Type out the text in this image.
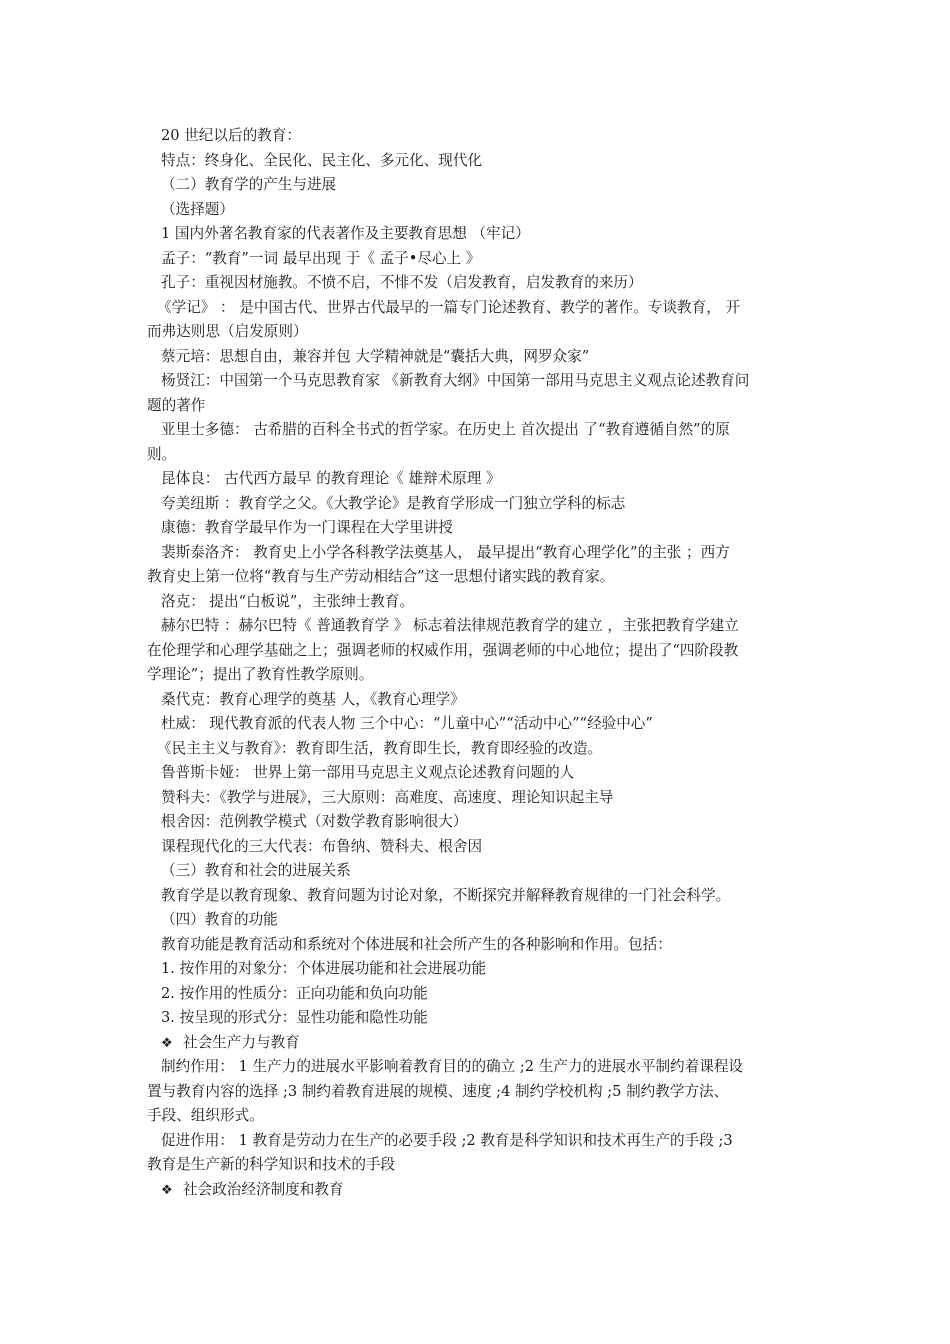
20 世纪以后的教育：
特点：终身化、全民化、民主化、多元化、现代化
（二）教育学的产生与进展
（选择题）
1 国内外著名教育家的代表著作及主要教育思想 （牢记）
孟子：“教育”一词 最早出现 于《 孟子•尽心上 》
孔子：重视因材施教。不愤不启，不悱不发（启发教育，启发教育的来历）
《学记》 ： 是中国古代、世界古代最早的一篇专门论述教育、教学的著作。专谈教育， 开
而弗达则思（启发原则）
蔡元培：思想自由，兼容并包 大学精神就是“囊括大典，网罗众家”
杨贤江：中国第一个马克思教育家 《新教育大纲》中国第一部用马克思主义观点论述教育问
题的著作
亚里士多德： 古希腊的百科全书式的哲学家。在历史上 首次提出 了“教育遵循自然”的原
则。
昆体良： 古代西方最早 的教育理论《 雄辩术原理 》
夸美纽斯 ：教育学之父。《大教学论》是教育学形成一门独立学科的标志
康德：教育学最早作为一门课程在大学里讲授
裴斯泰洛齐： 教育史上小学各科教学法奠基人， 最早提出“教育心理学化”的主张 ；西方
教育史上第一位将“教育与生产劳动相结合”这一思想付诸实践的教育家。
洛克： 提出“白板说”，主张绅士教育。
赫尔巴特 ：赫尔巴特《 普通教育学 》 标志着法律规范教育学的建立 ，主张把教育学建立
在伦理学和心理学基础之上；强调老师的权威作用，强调老师的中心地位；提出了“四阶段教
学理论”；提出了教育性教学原则。
桑代克：教育心理学的奠基 人，《教育心理学》
杜威： 现代教育派的代表人物 三个中心：“儿童中心”“活动中心”“经验中心”
《民主主义与教育》：教育即生活，教育即生长，教育即经验的改造。
鲁普斯卡娅： 世界上第一部用马克思主义观点论述教育问题的人
赞科夫：《教学与进展》，三大原则：高难度、高速度、理论知识起主导
根舍因：范例教学模式（对数学教育影响很大）
课程现代化的三大代表：布鲁纳、赞科夫、根舍因
（三）教育和社会的进展关系
教育学是以教育现象、教育问题为讨论对象，不断探究并解释教育规律的一门社会科学。
（四）教育的功能
教育功能是教育活动和系统对个体进展和社会所产生的各种影响和作用。包括：
1. 按作用的对象分：个体进展功能和社会进展功能
2. 按作用的性质分：正向功能和负向功能
3. 按呈现的形式分：显性功能和隐性功能
❖ 社会生产力与教育
制约作用： 1 生产力的进展水平影响着教育目的的确立 ;2 生产力的进展水平制约着课程设
置与教育内容的选择 ;3 制约着教育进展的规模、速度 ;4 制约学校机构 ;5 制约教学方法、
手段、组织形式。
促进作用： 1 教育是劳动力在生产的必要手段 ;2 教育是科学知识和技术再生产的手段 ;3
教育是生产新的科学知识和技术的手段
❖ 社会政治经济制度和教育
